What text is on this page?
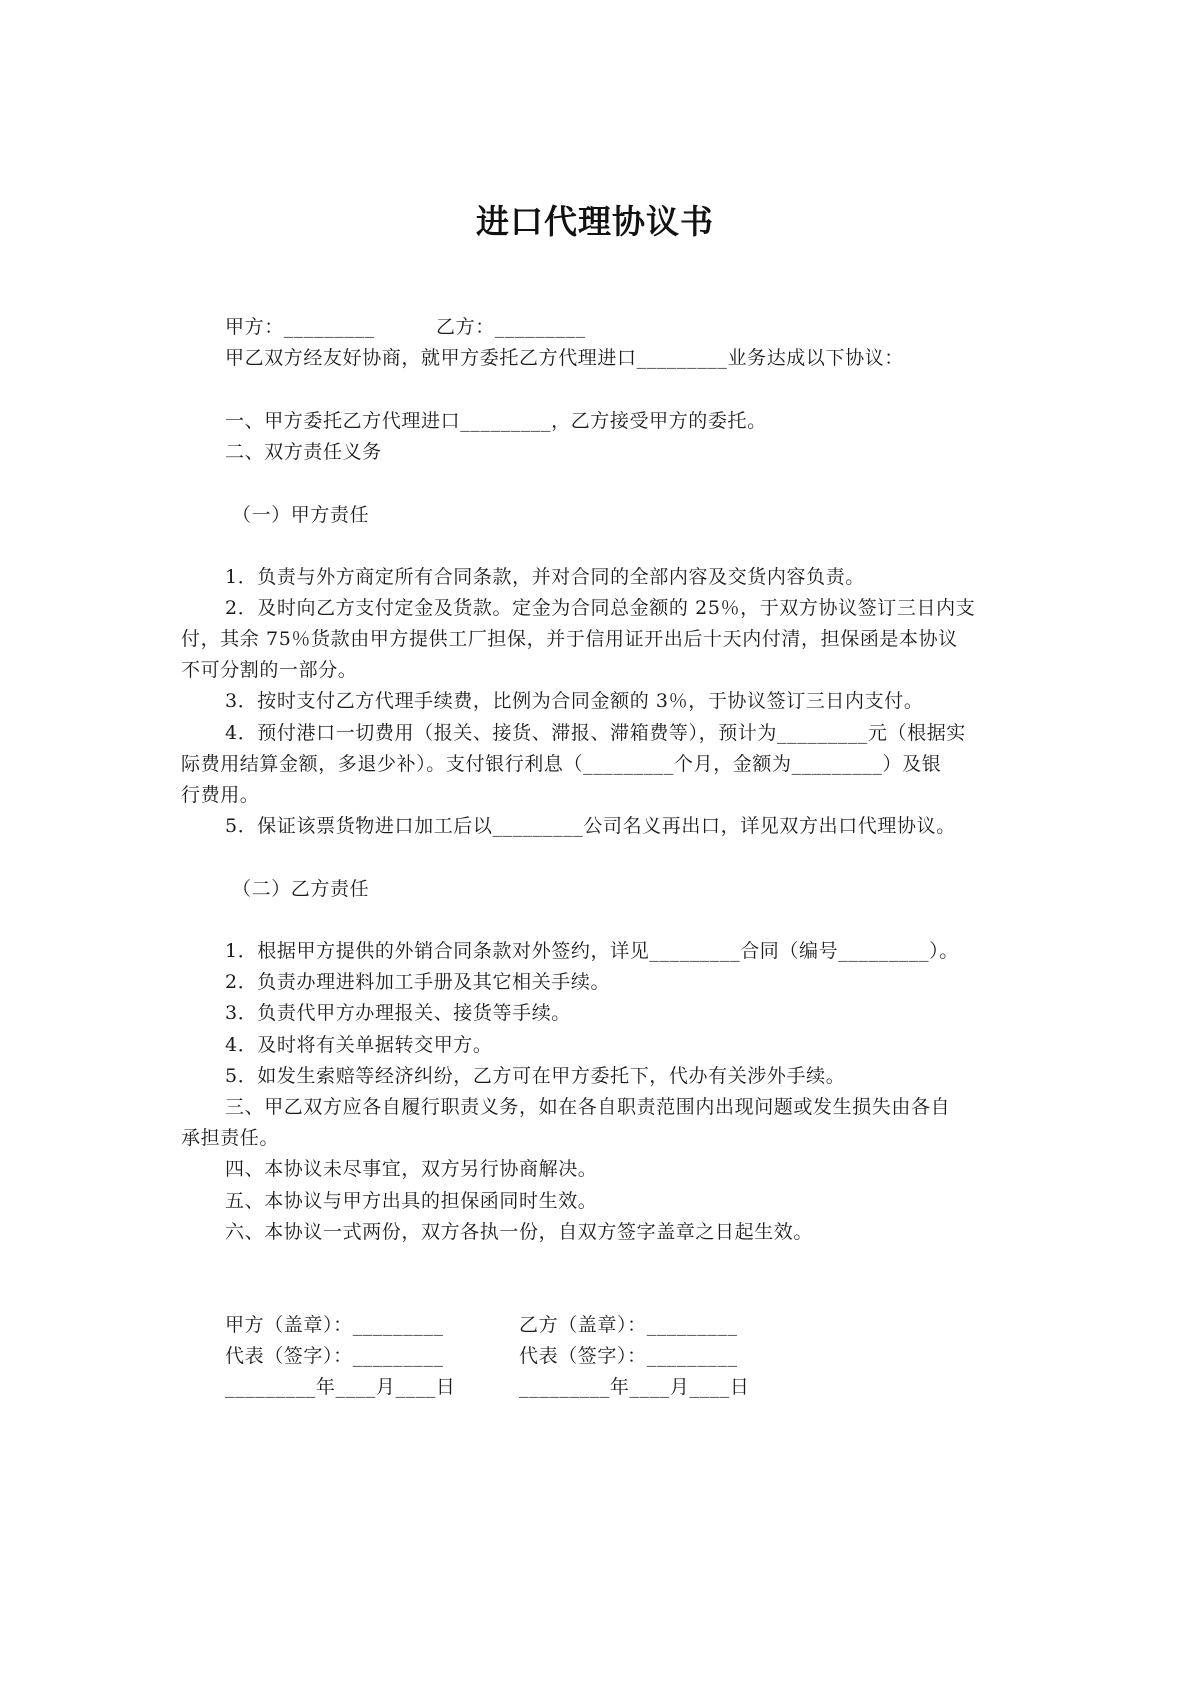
进口代理协议书
甲方：_________	乙方：_________
甲乙双方经友好协商，就甲方委托乙方代理进口_________业务达成以下协议：
一、甲方委托乙方代理进口_________，乙方接受甲方的委托。
二、双方责任义务
（一）甲方责任
1．负责与外方商定所有合同条款，并对合同的全部内容及交货内容负责。
2．及时向乙方支付定金及货款。定金为合同总金额的 25％，于双方协议签订三日内支
付，其余 75％货款由甲方提供工厂担保，并于信用证开出后十天内付清，担保函是本协议
不可分割的一部分。
3．按时支付乙方代理手续费，比例为合同金额的 3％，于协议签订三日内支付。
4．预付港口一切费用（报关、接货、滞报、滞箱费等），预计为_________元（根据实
际费用结算金额，多退少补）。支付银行利息（_________个月，金额为_________）及银
行费用。
5．保证该票货物进口加工后以_________公司名义再出口，详见双方出口代理协议。
（二）乙方责任
1．根据甲方提供的外销合同条款对外签约，详见_________合同（编号_________）。
2．负责办理进料加工手册及其它相关手续。
3．负责代甲方办理报关、接货等手续。
4．及时将有关单据转交甲方。
5．如发生索赔等经济纠纷，乙方可在甲方委托下，代办有关涉外手续。
三、甲乙双方应各自履行职责义务，如在各自职责范围内出现问题或发生损失由各自
承担责任。
四、本协议未尽事宜，双方另行协商解决。
五、本协议与甲方出具的担保函同时生效。
六、本协议一式两份，双方各执一份，自双方签字盖章之日起生效。
甲方（盖章）：_________
代表（签字）：_________
_________年____月____日
乙方（盖章）：_________
代表（签字）：_________
_________年____月____日
